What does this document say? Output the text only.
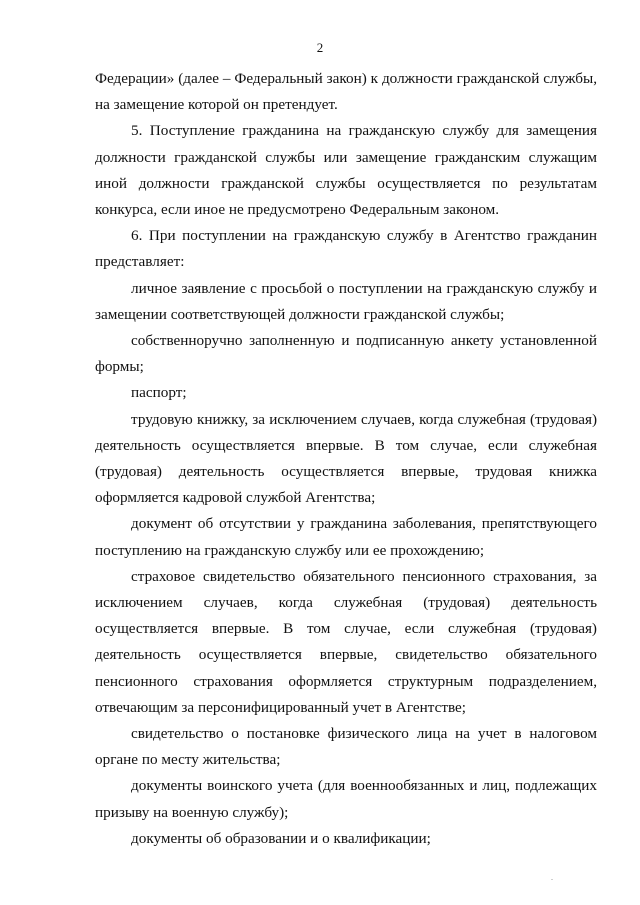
2

Федерации» (далее – Федеральный закон) к должности гражданской службы, на замещение которой он претендует.

5. Поступление гражданина на гражданскую службу для замещения должности гражданской службы или замещение гражданским служащим иной должности гражданской службы осуществляется по результатам конкурса, если иное не предусмотрено Федеральным законом.

6. При поступлении на гражданскую службу в Агентство гражданин представляет:

личное заявление с просьбой о поступлении на гражданскую службу и замещении соответствующей должности гражданской службы;

собственноручно заполненную и подписанную анкету установленной формы;

паспорт;

трудовую книжку, за исключением случаев, когда служебная (трудовая) деятельность осуществляется впервые. В том случае, если служебная (трудовая) деятельность осуществляется впервые, трудовая книжка оформляется кадровой службой Агентства;

документ об отсутствии у гражданина заболевания, препятствующего поступлению на гражданскую службу или ее прохождению;

страховое свидетельство обязательного пенсионного страхования, за исключением случаев, когда служебная (трудовая) деятельность осуществляется впервые. В том случае, если служебная (трудовая) деятельность осуществляется впервые, свидетельство обязательного пенсионного страхования оформляется структурным подразделением, отвечающим за персонифицированный учет в Агентстве;

свидетельство о постановке физического лица на учет в налоговом органе по месту жительства;

документы воинского учета (для военнообязанных и лиц, подлежащих призыву на военную службу);

документы об образовании и о квалификации;
